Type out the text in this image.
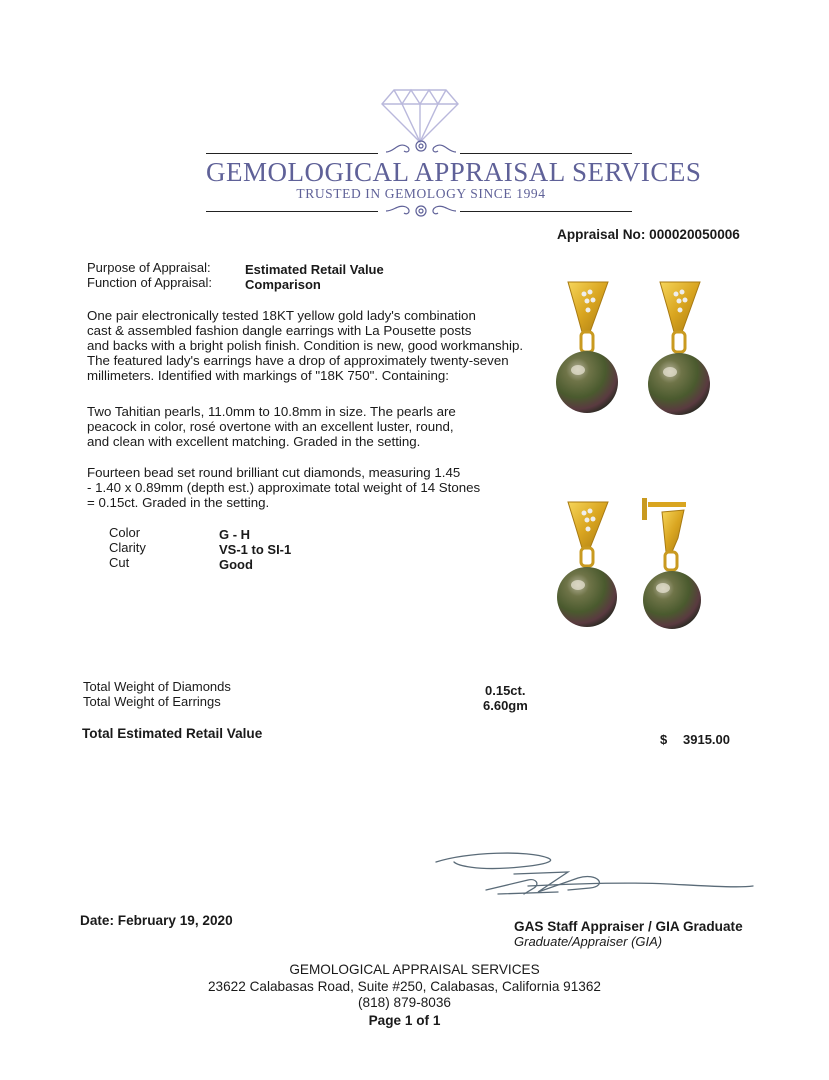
GEMOLOGICAL APPRAISAL SERVICES
TRUSTED IN GEMOLOGY SINCE 1994
Appraisal No: 000020050006
Purpose of Appraisal:	Estimated Retail Value
Function of Appraisal:	Comparison
One pair electronically tested 18KT yellow gold lady's combination
cast & assembled fashion dangle earrings with La Pousette posts
and backs with a bright polish finish. Condition is new, good workmanship.
The featured lady's earrings have a drop of approximately twenty-seven
millimeters. Identified with markings of "18K 750". Containing:
Two Tahitian pearls, 11.0mm to 10.8mm in size. The pearls are
peacock in color, rosé overtone with an excellent luster, round,
and clean with excellent matching. Graded in the setting.
Fourteen bead set round brilliant cut diamonds, measuring 1.45
- 1.40 x 0.89mm (depth est.) approximate total weight of 14 Stones
= 0.15ct. Graded in the setting.
Color	G - H
Clarity	VS-1 to SI-1
Cut	Good
Total Weight of Diamonds	0.15ct.
Total Weight of Earrings	6.60gm
Total Estimated Retail Value	$ 3915.00
Date: February 19, 2020	GAS Staff Appraiser / GIA Graduate
Graduate/Appraiser (GIA)
GEMOLOGICAL APPRAISAL SERVICES
23622 Calabasas Road, Suite #250, Calabasas, California 91362
(818) 879-8036
Page 1 of 1
